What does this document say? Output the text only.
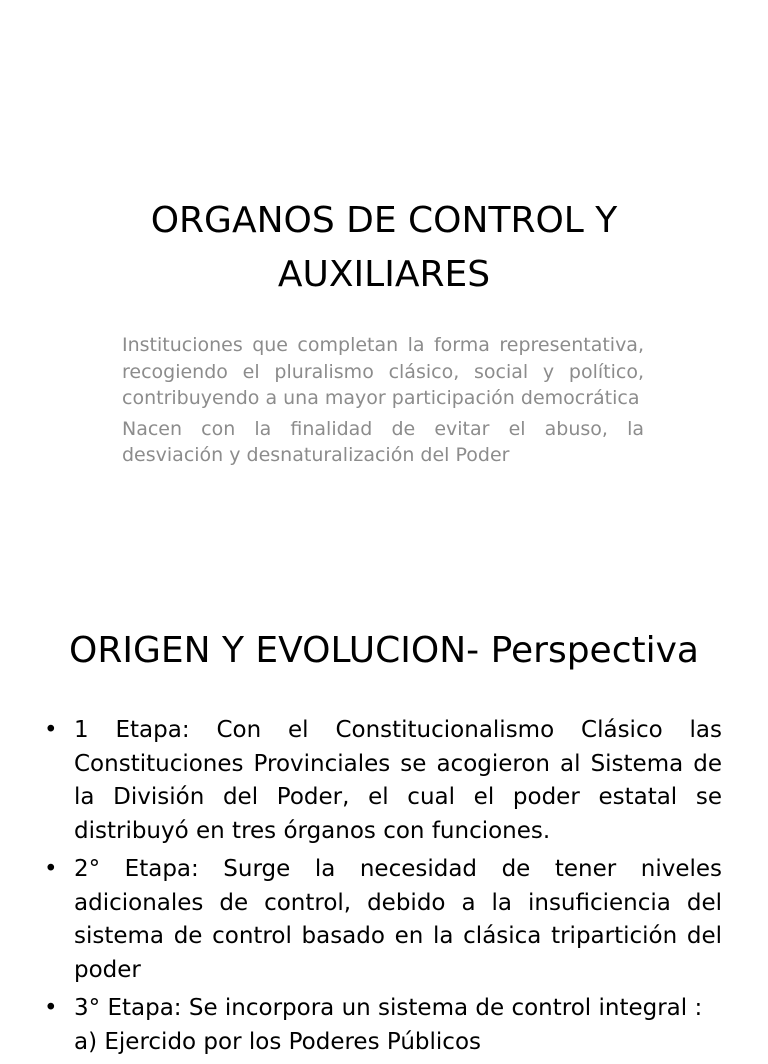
ORGANOS DE CONTROL Y
AUXILIARES

Instituciones que completan la forma representativa, recogiendo el pluralismo clásico, social y político, contribuyendo a una mayor participación democrática

Nacen con la finalidad de evitar el abuso, la desviación y desnaturalización del Poder

ORIGEN Y EVOLUCION- Perspectiva
• 1 Etapa: Con el Constitucionalismo Clásico las Constituciones Provinciales se acogieron al Sistema de la División del Poder, el cual el poder estatal se distribuyó en tres órganos con funciones.
• 2° Etapa: Surge la necesidad de tener niveles adicionales de control, debido a la insuficiencia del sistema de control basado en la clásica tripartición del poder
• 3° Etapa: Se incorpora un sistema de control integral :
a) Ejercido por los Poderes Públicos
